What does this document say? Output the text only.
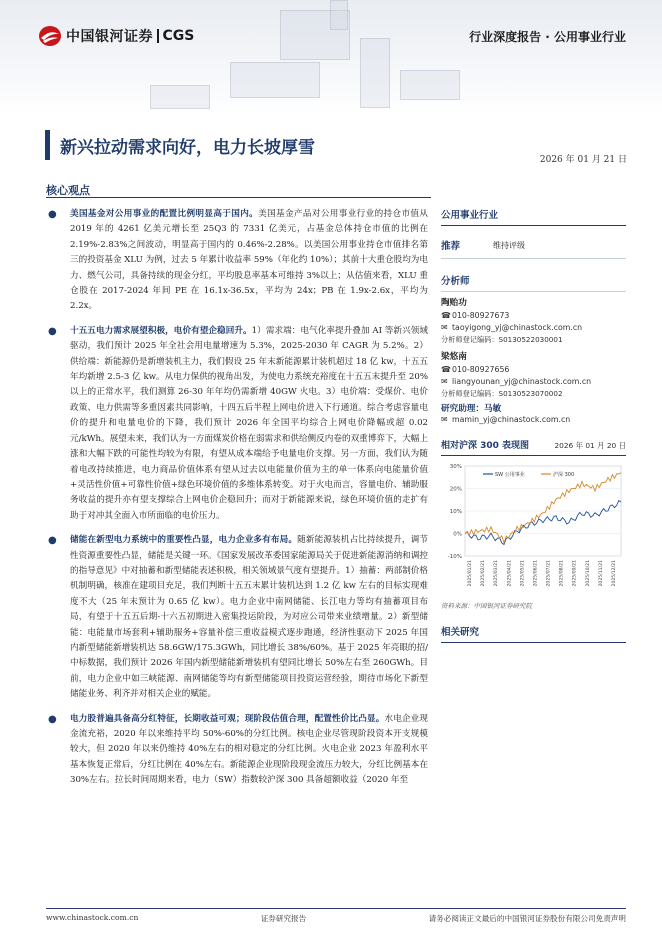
中国银河证券 CGS	行业深度报告 · 公用事业行业
新兴拉动需求向好，电力长坡厚雪
2026 年 01 月 21 日
核心观点
● 美国基金对公用事业的配置比例明显高于国内。美国基金产品对公用事业行业的持仓市值从 2019 年的 4261 亿美元增长至 25Q3 的 7331 亿美元，占基金总体持仓市值的比例在 2.19%-2.83%之间波动，明显高于国内的 0.46%-2.28%。以美国公用事业持仓市值排名第三的投资基金 XLU 为例，过去 5 年累计收益率 59%（年化约 10%）；其前十大重仓股均为电力、燃气公司，具备持续的现金分红，平均股息率基本可维持 3%以上；从估值来看，XLU 重仓股在 2017-2024 年间 PE 在 16.1x-36.5x，平均为 24x；PB 在 1.9x-2.6x，平均为 2.2x。
● 十五五电力需求展望积极，电价有望企稳回升。1）需求端：电气化率提升叠加 AI 等新兴领域驱动，我们预计 2025 年全社会用电量增速为 5.3%，2025-2030 年 CAGR 为 5.2%。2）供给端：新能源仍是新增装机主力，我们假设 25 年末新能源累计装机超过 18 亿 kw，十五五年均新增 2.5-3 亿 kw。从电力保供的视角出发，为使电力系统充裕度在十五五末提升至 20%以上的正常水平，我们测算 26-30 年年均仍需新增 40GW 火电。3）电价端：受煤价、电价政策、电力供需等多重因素共同影响，十四五后半程上网电价进入下行通道。综合考虑容量电价的提升和电量电价的下降，我们预计 2026 年全国平均综合上网电价降幅或超 0.02 元/kWh。展望未来，我们认为一方面煤炭价格在弱需求和供给侧反内卷的双重博弈下，大幅上涨和大幅下跌的可能性均较为有限，有望从成本端给予电量电价支撑。另一方面，我们认为随着电改持续推进，电力商品价值体系有望从过去以电能量价值为主的单一体系向电能量价值+灵活性价值+可靠性价值+绿色环境价值的多维体系转变。对于火电而言，容量电价、辅助服务收益的提升亦有望支撑综合上网电价企稳回升；而对于新能源来说，绿色环境价值的走扩有助于对冲其全面入市所面临的电价压力。
● 储能在新型电力系统中的重要性凸显，电力企业多有布局。随新能源装机占比持续提升，调节性资源重要性凸显，储能是关键一环。《国家发展改革委国家能源局关于促进新能源消纳和调控的指导意见》中对抽蓄和新型储能表述积极，相关领域景气度有望提升。1）抽蓄：两部制价格机制明确，核准在建项目充足，我们判断十五五末累计装机达到 1.2 亿 kw 左右的目标实现难度不大（25 年末预计为 0.65 亿 kw）。电力企业中南网储能、长江电力等均有抽蓄项目布局，有望于十五五后期-十六五初期进入密集投运阶段，为对应公司带来业绩增量。2）新型储能：电能量市场套利+辅助服务+容量补偿三重收益模式逐步跑通，经济性驱动下 2025 年国内新型储能新增装机达 58.6GW/175.3GWh，同比增长 38%/60%。基于 2025 年亮眼的招/中标数据，我们预计 2026 年国内新型储能新增装机有望同比增长 50%左右至 260GWh。目前，电力企业中如三峡能源、南网储能等均有新型储能项目投资运营经验，期待市场化下新型储能业务、利齐并对相关企业的赋能。
● 电力股普遍具备高分红特征，长期收益可观；现阶段估值合理，配置性价比凸显。水电企业现金流充裕，2020 年以来维持平均 50%-60%的分红比例。核电企业尽管现阶段资本开支规模较大，但 2020 年以来仍维持 40%左右的相对稳定的分红比例。火电企业 2023 年盈利水平基本恢复正常后，分红比例在 40%左右。新能源企业现阶段现金流压力较大，分红比例基本在 30%左右。拉长时间周期来看，电力（SW）指数较沪深 300 具备超额收益（2020 年至
公用事业行业
推荐	维持评级
分析师
陶贻功
☎ 010-80927673
✉ taoyigong_yj@chinastock.com.cn
分析师登记编码：S0130522030001
梁悠南
☎ 010-80927656
✉ liangyounan_yj@chinastock.com.cn
分析师登记编码：S0130523070002
研究助理：马敏
✉ mamin_yj@chinastock.com.cn
相对沪深 300 表现图	2026 年 01 月 20 日
30%
20%
10%
0%
-10%
2025/01/21 2025/02/21 2025/03/21 2025/04/21 2025/05/21 2025/06/21 2025/07/21 2025/08/21 2025/09/21 2025/10/21 2025/11/21 2025/12/21
SW 公用事业	沪深 300
资料来源：中国银河证券研究院
相关研究
www.chinastock.com.cn	证券研究报告	请务必阅读正文最后的中国银河证券股份有限公司免责声明
